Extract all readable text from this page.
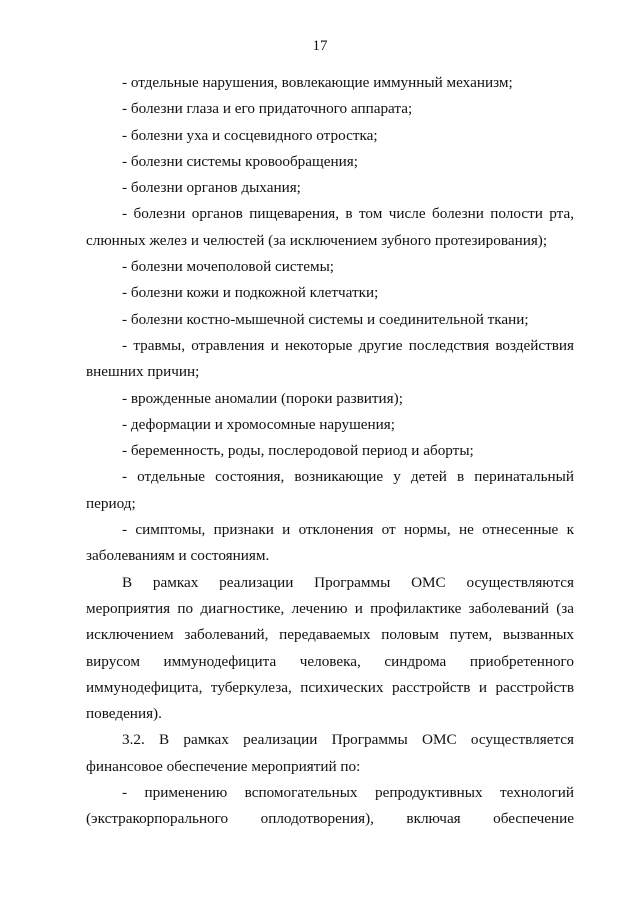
17

- отдельные нарушения, вовлекающие иммунный механизм;

- болезни глаза и его придаточного аппарата;

- болезни уха и сосцевидного отростка;

- болезни системы кровообращения;

- болезни органов дыхания;

- болезни органов пищеварения, в том числе болезни полости рта, слюнных желез и челюстей (за исключением зубного протезирования);

- болезни мочеполовой системы;

- болезни кожи и подкожной клетчатки;

- болезни костно-мышечной системы и соединительной ткани;

- травмы, отравления и некоторые другие последствия воздействия внешних причин;

- врожденные аномалии (пороки развития);

- деформации и хромосомные нарушения;

- беременность, роды, послеродовой период и аборты;

- отдельные состояния, возникающие у детей в перинатальный период;

- симптомы, признаки и отклонения от нормы, не отнесенные к заболеваниям и состояниям.

В рамках реализации Программы ОМС осуществляются мероприятия по диагностике, лечению и профилактике заболеваний (за исключением заболеваний, передаваемых половым путем, вызванных вирусом иммунодефицита человека, синдрома приобретенного иммунодефицита, туберкулеза, психических расстройств и расстройств поведения).

3.2. В рамках реализации Программы ОМС осуществляется финансовое обеспечение мероприятий по:

- применению вспомогательных репродуктивных технологий (экстракорпорального оплодотворения), включая обеспечение
